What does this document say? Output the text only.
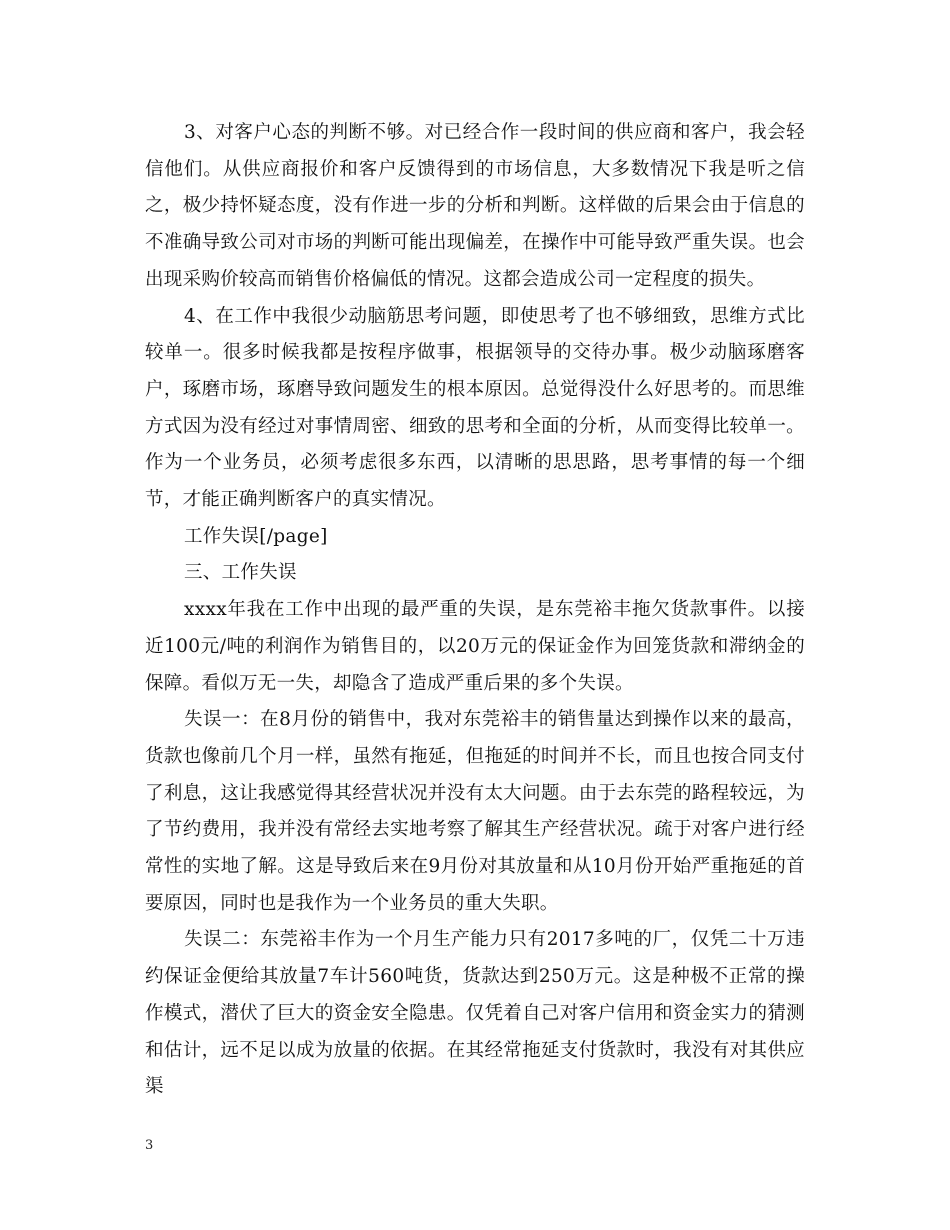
3、对客户心态的判断不够。对已经合作一段时间的供应商和客户，我会轻信他们。从供应商报价和客户反馈得到的市场信息，大多数情况下我是听之信之，极少持怀疑态度，没有作进一步的分析和判断。这样做的后果会由于信息的不准确导致公司对市场的判断可能出现偏差，在操作中可能导致严重失误。也会出现采购价较高而销售价格偏低的情况。这都会造成公司一定程度的损失。

4、在工作中我很少动脑筋思考问题，即使思考了也不够细致，思维方式比较单一。很多时候我都是按程序做事，根据领导的交待办事。极少动脑琢磨客户，琢磨市场，琢磨导致问题发生的根本原因。总觉得没什么好思考的。而思维方式因为没有经过对事情周密、细致的思考和全面的分析，从而变得比较单一。作为一个业务员，必须考虑很多东西，以清晰的思思路，思考事情的每一个细节，才能正确判断客户的真实情况。

工作失误[/page]

三、工作失误

xxxx年我在工作中出现的最严重的失误，是东莞裕丰拖欠货款事件。以接近100元/吨的利润作为销售目的，以20万元的保证金作为回笼货款和滞纳金的保障。看似万无一失，却隐含了造成严重后果的多个失误。

失误一：在8月份的销售中，我对东莞裕丰的销售量达到操作以来的最高，货款也像前几个月一样，虽然有拖延，但拖延的时间并不长，而且也按合同支付了利息，这让我感觉得其经营状况并没有太大问题。由于去东莞的路程较远，为了节约费用，我并没有常经去实地考察了解其生产经营状况。疏于对客户进行经常性的实地了解。这是导致后来在9月份对其放量和从10月份开始严重拖延的首要原因，同时也是我作为一个业务员的重大失职。

失误二：东莞裕丰作为一个月生产能力只有2017多吨的厂，仅凭二十万违约保证金便给其放量7车计560吨货，货款达到250万元。这是种极不正常的操作模式，潜伏了巨大的资金安全隐患。仅凭着自己对客户信用和资金实力的猜测和估计，远不足以成为放量的依据。在其经常拖延支付货款时，我没有对其供应渠

3
